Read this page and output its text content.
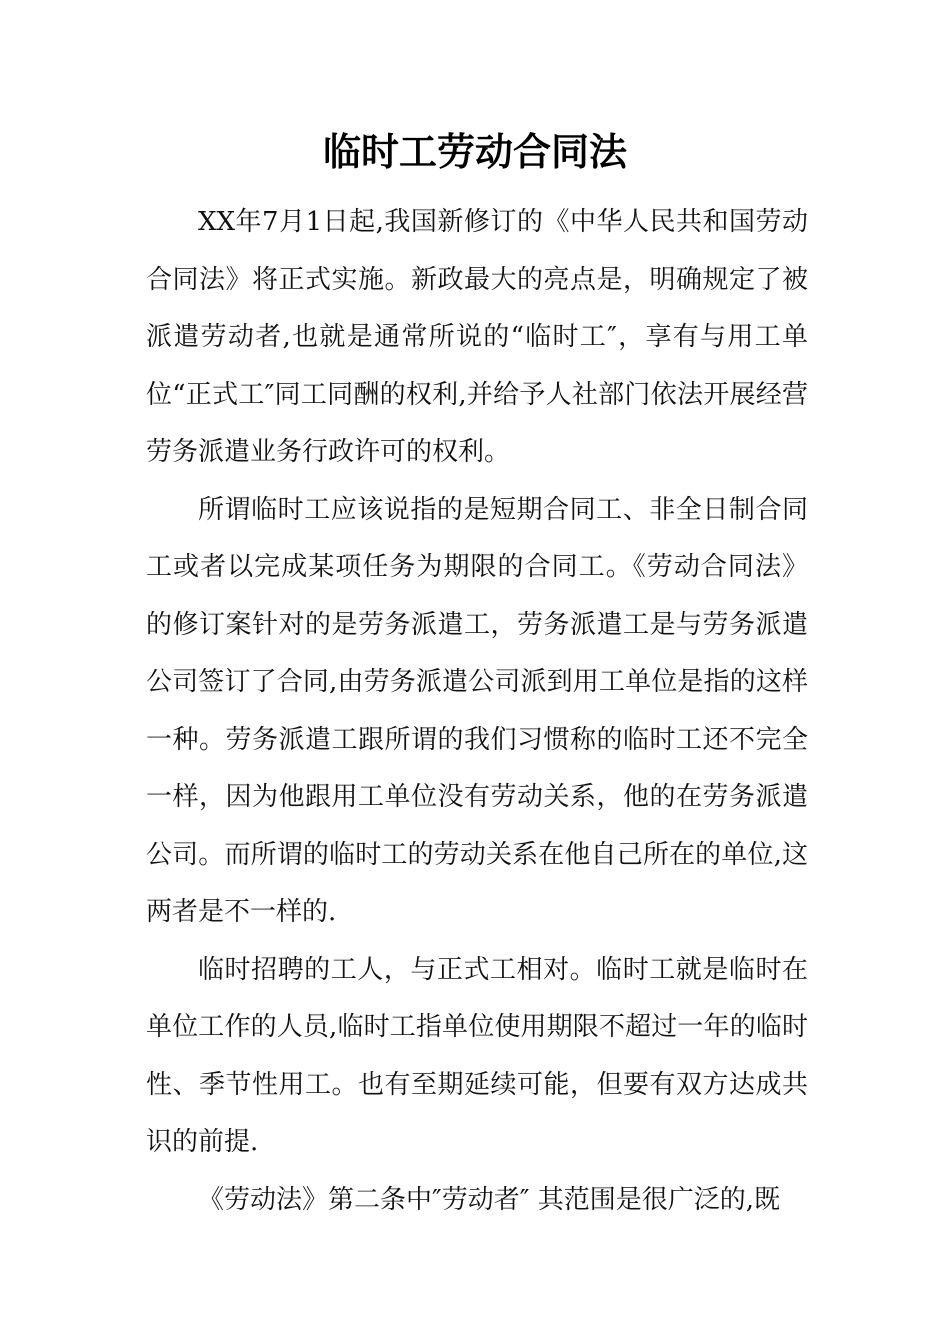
临时工劳动合同法

XX年7月1日起,我国新修订的《中华人民共和国劳动合同法》将正式实施。新政最大的亮点是，明确规定了被派遣劳动者,也就是通常所说的“临时工″，享有与用工单位“正式工″同工同酬的权利,并给予人社部门依法开展经营劳务派遣业务行政许可的权利。

所谓临时工应该说指的是短期合同工、非全日制合同工或者以完成某项任务为期限的合同工。《劳动合同法》的修订案针对的是劳务派遣工，劳务派遣工是与劳务派遣公司签订了合同,由劳务派遣公司派到用工单位是指的这样一种。劳务派遣工跟所谓的我们习惯称的临时工还不完全一样，因为他跟用工单位没有劳动关系，他的在劳务派遣公司。而所谓的临时工的劳动关系在他自己所在的单位,这两者是不一样的.

临时招聘的工人，与正式工相对。临时工就是临时在单位工作的人员,临时工指单位使用期限不超过一年的临时性、季节性用工。也有至期延续可能，但要有双方达成共识的前提.

《劳动法》第二条中″劳动者″ 其范围是很广泛的,既
